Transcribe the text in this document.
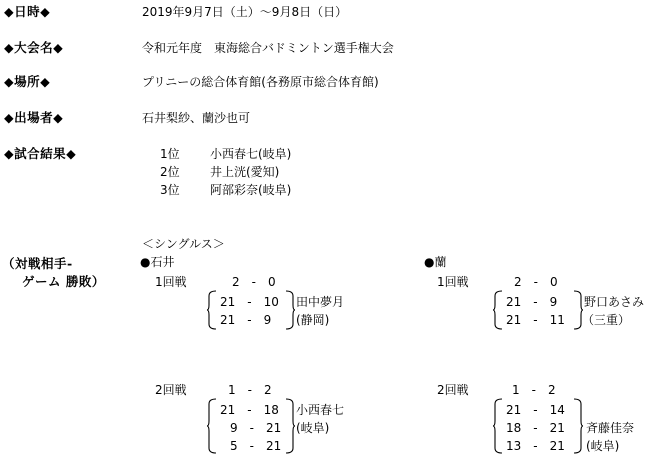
◆日時◆	2019年9月7日（土）～9月8日（日）
◆大会名◆	令和元年度　東海総合バドミントン選手権大会
◆場所◆	プリニーの総合体育館(各務原市総合体育館)
◆出場者◆	石井梨紗、蘭沙也可
◆試合結果◆	1位	小西春七(岐阜)
2位	井上洸(愛知)
3位	阿部彩奈(岐阜)
（対戦相手-
ゲーム 勝敗）
＜シングルス＞
●石井
1回戦	2　-　0
21　-　10
21　-　9
田中夢月
(静岡)
2回戦	1　-　2
21　-　18
9　-　21
5　-　21
小西春七
(岐阜)
●蘭
1回戦	2　-　0
21　-　9
21　-　11
野口あさみ
（三重）
2回戦	1　-　2
21　-　14
18　-　21
13　-　21
斉藤佳奈
(岐阜)
